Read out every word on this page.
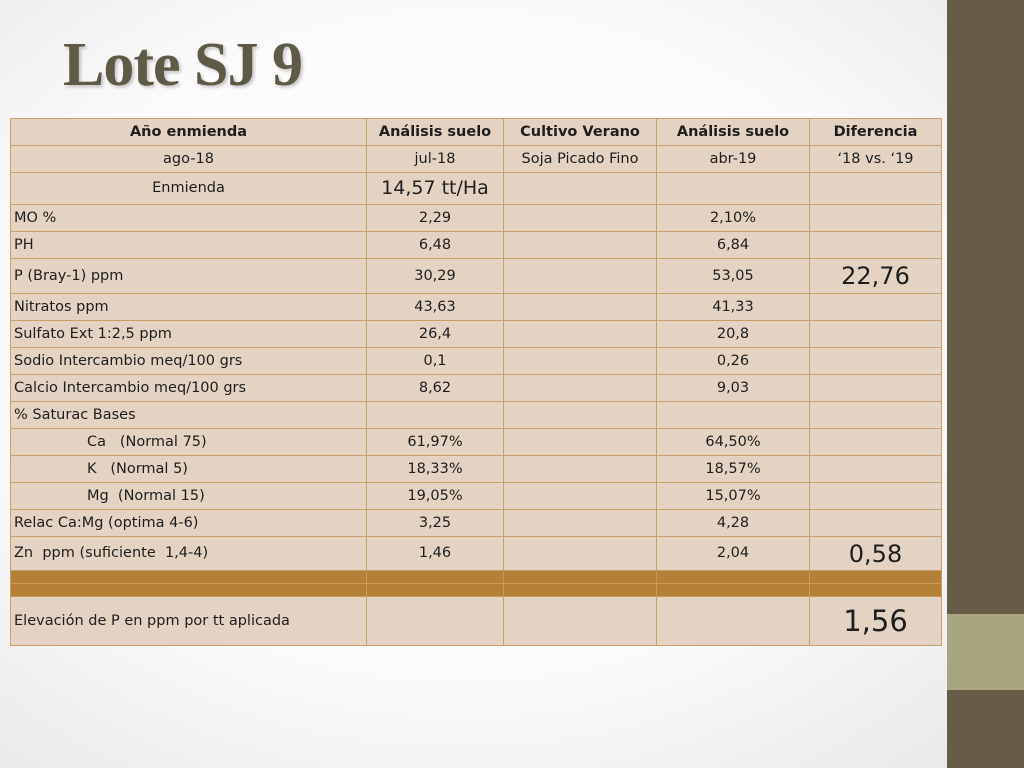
Lote SJ 9
Año enmienda	Análisis suelo	Cultivo Verano	Análisis suelo	Diferencia
ago-18	jul-18	Soja Picado Fino	abr-19	‘18 vs. ‘19
Enmienda	14,57 tt/Ha			
MO %	2,29		2,10%	
PH	6,48		6,84	
P (Bray-1) ppm	30,29		53,05	22,76
Nitratos ppm	43,63		41,33	
Sulfato Ext 1:2,5 ppm	26,4		20,8	
Sodio Intercambio meq/100 grs	0,1		0,26	
Calcio Intercambio meq/100 grs	8,62		9,03	
% Saturac Bases				
Ca   (Normal 75)	61,97%		64,50%	
K   (Normal 5)	18,33%		18,57%	
Mg  (Normal 15)	19,05%		15,07%	
Relac Ca:Mg (optima 4-6)	3,25		4,28	
Zn  ppm (suficiente  1,4-4)	1,46		2,04	0,58

Elevación de P en ppm por tt aplicada				1,56
